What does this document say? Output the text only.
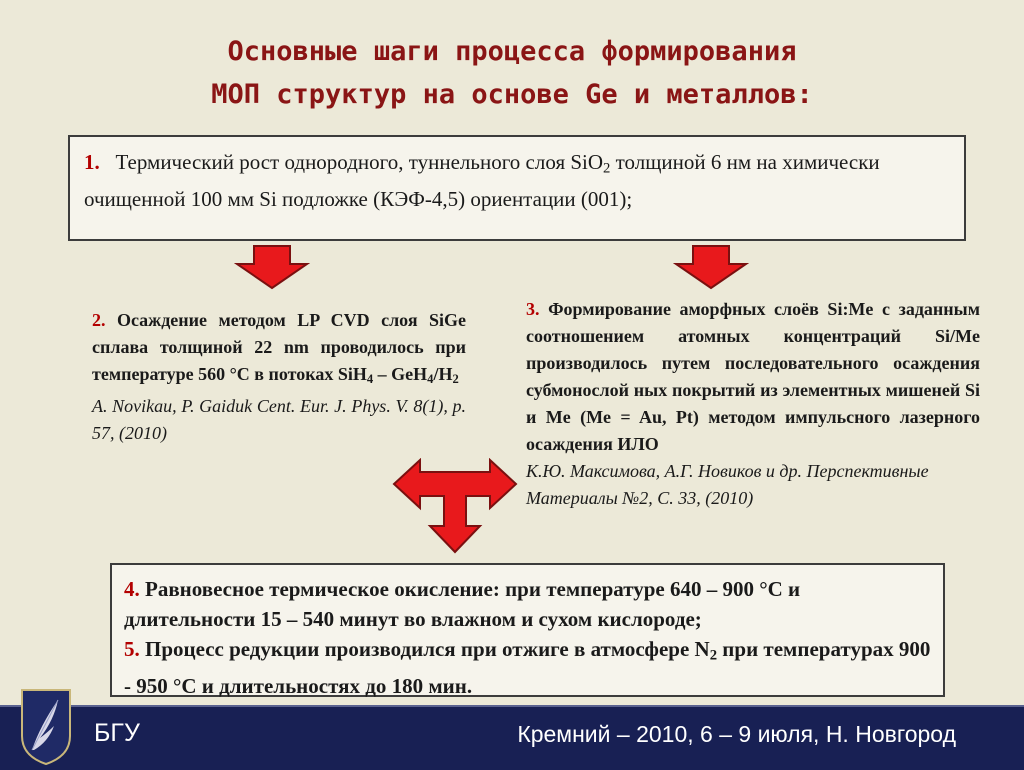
Основные шаги процесса формирования
МОП структур на основе Ge и металлов:
1. Термический рост однородного, туннельного слоя SiO$_2$ толщиной 6 нм на химически очищенной 100 мм Si подложке (КЭФ-4,5) ориентации (001);
2. Осаждение методом LP CVD слоя SiGe сплава толщиной 22 nm проводилось при температуре 560 °С в потоках $SiH_4 - GeH_4/H_2$
A. Novikau, P. Gaiduk Cent. Eur. J. Phys. V. 8(1), p. 57, (2010)
3. Формирование аморфных слоёв Si:Me с заданным соотношением атомных концентраций Si/Me производилось путем последовательного осаждения субмонослой ных покрытий из элементных мишеней Si и Me (Me = Au, Pt) методом импульсного лазерного осаждения ИЛО
К.Ю. Максимова, А.Г. Новиков и др. Перспективные Материалы №2, С. 33, (2010)
4. Равновесное термическое окисление: при температуре 640 – 900 °С и длительности 15 – 540 минут во влажном и сухом кислороде;
5. Процесс редукции производился при отжиге в атмосфере $N_2$ при температурах 900 - 950 °С и длительностях до 180 мин.
БГУ	Кремний – 2010, 6 – 9 июля, Н. Новгород
